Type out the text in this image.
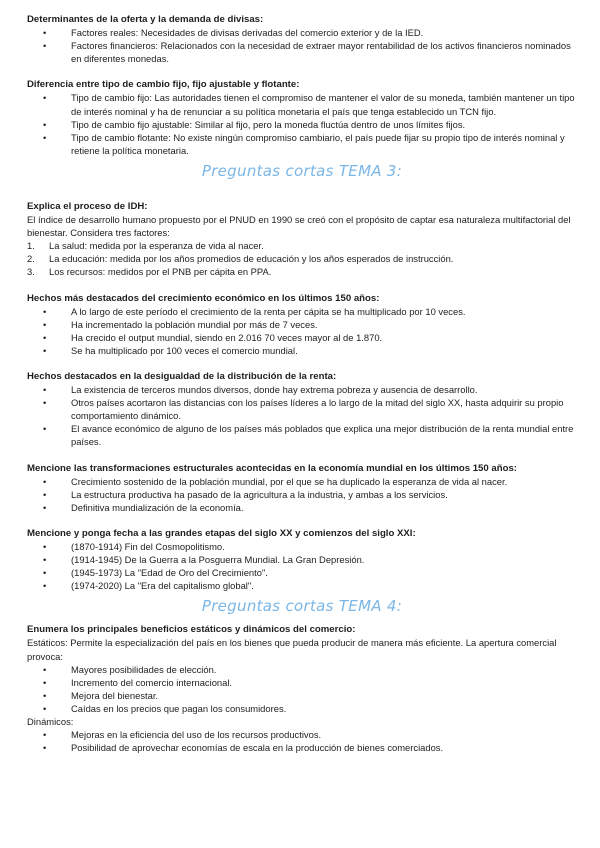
Determinantes de la oferta y la demanda de divisas:
• Factores reales: Necesidades de divisas derivadas del comercio exterior y de la IED.
• Factores financieros: Relacionados con la necesidad de extraer mayor rentabilidad de los activos financieros nominados en diferentes monedas.
Diferencia entre tipo de cambio fijo, fijo ajustable y flotante:
• Tipo de cambio fijo: Las autoridades tienen el compromiso de mantener el valor de su moneda, también mantener un tipo de interés nominal y ha de renunciar a su política monetaria el país que tenga establecido un TCN fijo.
• Tipo de cambio fijo ajustable: Similar al fijo, pero la moneda fluctúa dentro de unos límites fijos.
• Tipo de cambio flotante: No existe ningún compromiso cambiario, el país puede fijar su propio tipo de interés nominal y retiene la política monetaria.
Preguntas cortas TEMA 3:
Explica el proceso de IDH:

El índice de desarrollo humano propuesto por el PNUD en 1990 se creó con el propósito de captar esa naturaleza multifactorial del bienestar. Considera tres factores:

1.	La salud: medida por la esperanza de vida al nacer.
2.	La educación: medida por los años promedios de educación y los años esperados de instrucción.
3.	Los recursos: medidos por el PNB per cápita en PPA.
Hechos más destacados del crecimiento económico en los últimos 150 años:
• A lo largo de este período el crecimiento de la renta per cápita se ha multiplicado por 10 veces.
• Ha incrementado la población mundial por más de 7 veces.
• Ha crecido el output mundial, siendo en 2.016 70 veces mayor al de 1.870.
• Se ha multiplicado por 100 veces el comercio mundial.
Hechos destacados en la desigualdad de la distribución de la renta:
• La existencia de terceros mundos diversos, donde hay extrema pobreza y ausencia de desarrollo.
• Otros países acortaron las distancias con los países líderes a lo largo de la mitad del siglo XX, hasta adquirir su propio comportamiento dinámico.
• El avance económico de alguno de los países más poblados que explica una mejor distribución de la renta mundial entre países.
Mencione las transformaciones estructurales acontecidas en la economía mundial en los últimos 150 años:
• Crecimiento sostenido de la población mundial, por el que se ha duplicado la esperanza de vida al nacer.
• La estructura productiva ha pasado de la agricultura a la industria, y ambas a los servicios.
• Definitiva mundialización de la economía.
Mencione y ponga fecha a las grandes etapas del siglo XX y comienzos del siglo XXI:
• (1870-1914) Fin del Cosmopolitismo.
• (1914-1945) De la Guerra a la Posguerra Mundial. La Gran Depresión.
• (1945-1973) La "Edad de Oro del Crecimiento".
• (1974-2020) La "Era del capitalismo global".
Preguntas cortas TEMA 4:
Enumera los principales beneficios estáticos y dinámicos del comercio:

Estáticos: Permite la especialización del país en los bienes que pueda producir de manera más eficiente. La apertura comercial provoca:

• Mayores posibilidades de elección.
• Incremento del comercio internacional.
• Mejora del bienestar.
• Caídas en los precios que pagan los consumidores.

Dinámicos:

• Mejoras en la eficiencia del uso de los recursos productivos.
• Posibilidad de aprovechar economías de escala en la producción de bienes comerciados.
